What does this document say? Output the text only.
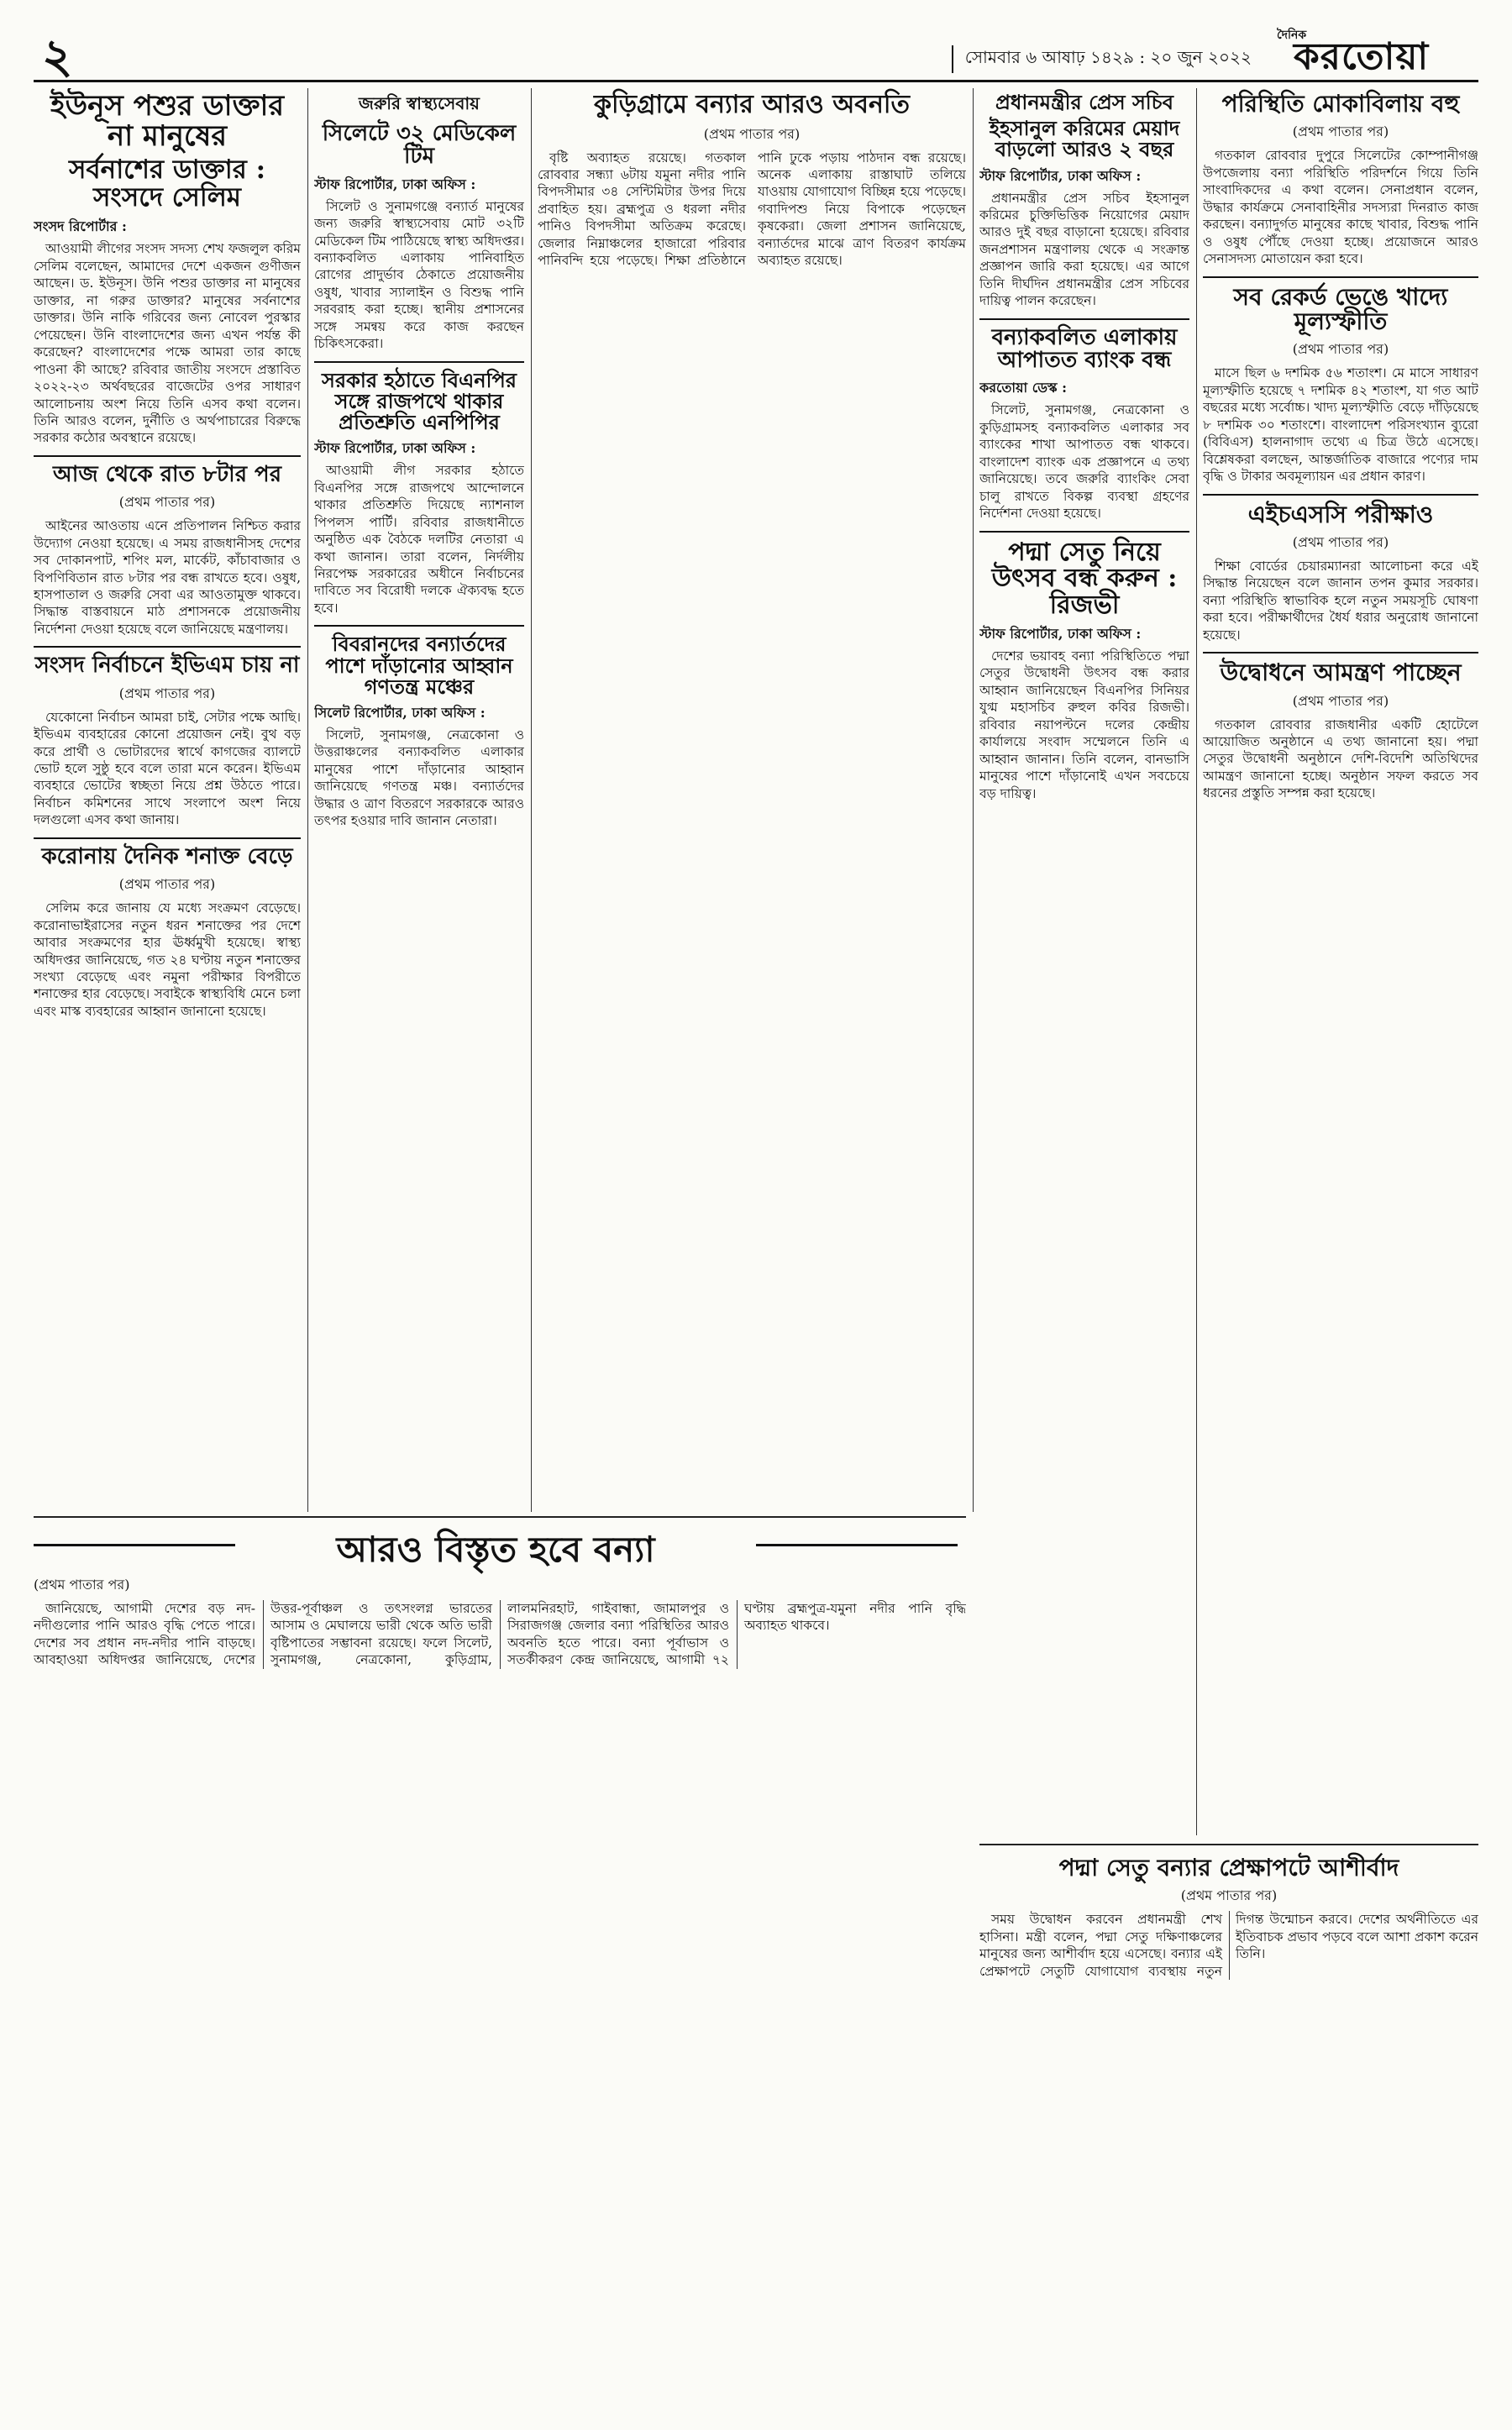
২	সোমবার ৬ আষাঢ় ১৪২৯ : ২০ জুন ২০২২
দৈনিক
করতোয়া
ইউনূস পশুর ডাক্তার না মানুষের
সর্বনাশের ডাক্তার : সংসদে সেলিম
সংসদ রিপোর্টার :

আওয়ামী লীগের সংসদ সদস্য শেখ ফজলুল করিম সেলিম বলেছেন, আমাদের দেশে একজন গুণীজন আছেন। ড. ইউনূস। উনি পশুর ডাক্তার না মানুষের ডাক্তার, না গরুর ডাক্তার? মানুষের সর্বনাশের ডাক্তার। উনি নাকি গরিবের জন্য নোবেল পুরস্কার পেয়েছেন। উনি বাংলাদেশের জন্য এখন পর্যন্ত কী করেছেন? বাংলাদেশের পক্ষে আমরা তার কাছে পাওনা কী আছে? রবিবার জাতীয় সংসদে প্রস্তাবিত ২০২২-২৩ অর্থবছরের বাজেটের ওপর সাধারণ আলোচনায় অংশ নিয়ে তিনি এসব কথা বলেন। তিনি আরও বলেন, দুর্নীতি ও অর্থপাচারের বিরুদ্ধে সরকার কঠোর অবস্থানে রয়েছে।

আজ থেকে রাত ৮টার পর
(প্রথম পাতার পর)

আইনের আওতায় এনে প্রতিপালন নিশ্চিত করার উদ্যোগ নেওয়া হয়েছে। এ সময় রাজধানীসহ দেশের সব দোকানপাট, শপিং মল, মার্কেট, কাঁচাবাজার ও বিপণিবিতান রাত ৮টার পর বন্ধ রাখতে হবে। ওষুধ, হাসপাতাল ও জরুরি সেবা এর আওতামুক্ত থাকবে। সিদ্ধান্ত বাস্তবায়নে মাঠ প্রশাসনকে প্রয়োজনীয় নির্দেশনা দেওয়া হয়েছে বলে জানিয়েছে মন্ত্রণালয়।

সংসদ নির্বাচনে ইভিএম চায় না
(প্রথম পাতার পর)

যেকোনো নির্বাচন আমরা চাই, সেটার পক্ষে আছি। ইভিএম ব্যবহারের কোনো প্রয়োজন নেই। বুথ বড় করে প্রার্থী ও ভোটারদের স্বার্থে কাগজের ব্যালটে ভোট হলে সুষ্ঠু হবে বলে তারা মনে করেন। ইভিএম ব্যবহারে ভোটের স্বচ্ছতা নিয়ে প্রশ্ন উঠতে পারে। নির্বাচন কমিশনের সাথে সংলাপে অংশ নিয়ে দলগুলো এসব কথা জানায়।

করোনায় দৈনিক শনাক্ত বেড়ে
(প্রথম পাতার পর)

সেলিম করে জানায় যে মধ্যে সংক্রমণ বেড়েছে। করোনাভাইরাসের নতুন ধরন শনাক্তের পর দেশে আবার সংক্রমণের হার ঊর্ধ্বমুখী হয়েছে। স্বাস্থ্য অধিদপ্তর জানিয়েছে, গত ২৪ ঘণ্টায় নতুন শনাক্তের সংখ্যা বেড়েছে এবং নমুনা পরীক্ষার বিপরীতে শনাক্তের হার বেড়েছে। সবাইকে স্বাস্থ্যবিধি মেনে চলা এবং মাস্ক ব্যবহারের আহ্বান জানানো হয়েছে।

জরুরি স্বাস্থ্যসেবায়
সিলেটে ৩২ মেডিকেল টিম
স্টাফ রিপোর্টার, ঢাকা অফিস :

সিলেট ও সুনামগঞ্জে বন্যার্ত মানুষের জন্য জরুরি স্বাস্থ্যসেবায় মোট ৩২টি মেডিকেল টিম পাঠিয়েছে স্বাস্থ্য অধিদপ্তর। বন্যাকবলিত এলাকায় পানিবাহিত রোগের প্রাদুর্ভাব ঠেকাতে প্রয়োজনীয় ওষুধ, খাবার স্যালাইন ও বিশুদ্ধ পানি সরবরাহ করা হচ্ছে। স্থানীয় প্রশাসনের সঙ্গে সমন্বয় করে কাজ করছেন চিকিৎসকেরা।

সরকার হঠাতে বিএনপির সঙ্গে রাজপথে থাকার প্রতিশ্রুতি এনপিপির
স্টাফ রিপোর্টার, ঢাকা অফিস :

আওয়ামী লীগ সরকার হঠাতে বিএনপির সঙ্গে রাজপথে আন্দোলনে থাকার প্রতিশ্রুতি দিয়েছে ন্যাশনাল পিপলস পার্টি। রবিবার রাজধানীতে অনুষ্ঠিত এক বৈঠকে দলটির নেতারা এ কথা জানান। তারা বলেন, নির্দলীয় নিরপেক্ষ সরকারের অধীনে নির্বাচনের দাবিতে সব বিরোধী দলকে ঐক্যবদ্ধ হতে হবে।

বিবরানদের বন্যার্তদের পাশে দাঁড়ানোর আহ্বান গণতন্ত্র মঞ্চের
সিলেট রিপোর্টার, ঢাকা অফিস :

সিলেট, সুনামগঞ্জ, নেত্রকোনা ও উত্তরাঞ্চলের বন্যাকবলিত এলাকার মানুষের পাশে দাঁড়ানোর আহ্বান জানিয়েছে গণতন্ত্র মঞ্চ। বন্যার্তদের উদ্ধার ও ত্রাণ বিতরণে সরকারকে আরও তৎপর হওয়ার দাবি জানান নেতারা।

কুড়িগ্রামে বন্যার আরও অবনতি
(প্রথম পাতার পর)

বৃষ্টি অব্যাহত রয়েছে। গতকাল রোববার সন্ধ্যা ৬টায় যমুনা নদীর পানি বিপদসীমার ৩৪ সেন্টিমিটার উপর দিয়ে প্রবাহিত হয়। ব্রহ্মপুত্র ও ধরলা নদীর পানিও বিপদসীমা অতিক্রম করেছে। জেলার নিম্নাঞ্চলের হাজারো পরিবার পানিবন্দি হয়ে পড়েছে। শিক্ষা প্রতিষ্ঠানে পানি ঢুকে পড়ায় পাঠদান বন্ধ রয়েছে। অনেক এলাকায় রাস্তাঘাট তলিয়ে যাওয়ায় যোগাযোগ বিচ্ছিন্ন হয়ে পড়েছে। গবাদিপশু নিয়ে বিপাকে পড়েছেন কৃষকেরা। জেলা প্রশাসন জানিয়েছে, বন্যার্তদের মাঝে ত্রাণ বিতরণ কার্যক্রম অব্যাহত রয়েছে।

প্রধানমন্ত্রীর প্রেস সচিব
ইহসানুল করিমের মেয়াদ বাড়লো আরও ২ বছর
স্টাফ রিপোর্টার, ঢাকা অফিস :

প্রধানমন্ত্রীর প্রেস সচিব ইহসানুল করিমের চুক্তিভিত্তিক নিয়োগের মেয়াদ আরও দুই বছর বাড়ানো হয়েছে। রবিবার জনপ্রশাসন মন্ত্রণালয় থেকে এ সংক্রান্ত প্রজ্ঞাপন জারি করা হয়েছে। এর আগে তিনি দীর্ঘদিন প্রধানমন্ত্রীর প্রেস সচিবের দায়িত্ব পালন করেছেন।

বন্যাকবলিত এলাকায় আপাতত ব্যাংক বন্ধ
করতোয়া ডেস্ক :

সিলেট, সুনামগঞ্জ, নেত্রকোনা ও কুড়িগ্রামসহ বন্যাকবলিত এলাকার সব ব্যাংকের শাখা আপাতত বন্ধ থাকবে। বাংলাদেশ ব্যাংক এক প্রজ্ঞাপনে এ তথ্য জানিয়েছে। তবে জরুরি ব্যাংকিং সেবা চালু রাখতে বিকল্প ব্যবস্থা গ্রহণের নির্দেশনা দেওয়া হয়েছে।

পদ্মা সেতু নিয়ে উৎসব বন্ধ করুন : রিজভী
স্টাফ রিপোর্টার, ঢাকা অফিস :

দেশের ভয়াবহ বন্যা পরিস্থিতিতে পদ্মা সেতুর উদ্বোধনী উৎসব বন্ধ করার আহ্বান জানিয়েছেন বিএনপির সিনিয়র যুগ্ম মহাসচিব রুহুল কবির রিজভী। রবিবার নয়াপল্টনে দলের কেন্দ্রীয় কার্যালয়ে সংবাদ সম্মেলনে তিনি এ আহ্বান জানান। তিনি বলেন, বানভাসি মানুষের পাশে দাঁড়ানোই এখন সবচেয়ে বড় দায়িত্ব।

পরিস্থিতি মোকাবিলায় বহু
(প্রথম পাতার পর)

গতকাল রোববার দুপুরে সিলেটের কোম্পানীগঞ্জ উপজেলায় বন্যা পরিস্থিতি পরিদর্শনে গিয়ে তিনি সাংবাদিকদের এ কথা বলেন। সেনাপ্রধান বলেন, উদ্ধার কার্যক্রমে সেনাবাহিনীর সদস্যরা দিনরাত কাজ করছেন। বন্যাদুর্গত মানুষের কাছে খাবার, বিশুদ্ধ পানি ও ওষুধ পৌঁছে দেওয়া হচ্ছে। প্রয়োজনে আরও সেনাসদস্য মোতায়েন করা হবে।

সব রেকর্ড ভেঙে খাদ্যে মূল্যস্ফীতি
(প্রথম পাতার পর)

মাসে ছিল ৬ দশমিক ৫৬ শতাংশ। মে মাসে সাধারণ মূল্যস্ফীতি হয়েছে ৭ দশমিক ৪২ শতাংশ, যা গত আট বছরের মধ্যে সর্বোচ্চ। খাদ্য মূল্যস্ফীতি বেড়ে দাঁড়িয়েছে ৮ দশমিক ৩০ শতাংশে। বাংলাদেশ পরিসংখ্যান ব্যুরো (বিবিএস) হালনাগাদ তথ্যে এ চিত্র উঠে এসেছে। বিশ্লেষকরা বলছেন, আন্তর্জাতিক বাজারে পণ্যের দাম বৃদ্ধি ও টাকার অবমূল্যায়ন এর প্রধান কারণ।

এইচএসসি পরীক্ষাও
(প্রথম পাতার পর)

শিক্ষা বোর্ডের চেয়ারম্যানরা আলোচনা করে এই সিদ্ধান্ত নিয়েছেন বলে জানান তপন কুমার সরকার। বন্যা পরিস্থিতি স্বাভাবিক হলে নতুন সময়সূচি ঘোষণা করা হবে। পরীক্ষার্থীদের ধৈর্য ধরার অনুরোধ জানানো হয়েছে।

উদ্বোধনে আমন্ত্রণ পাচ্ছেন
(প্রথম পাতার পর)

গতকাল রোববার রাজধানীর একটি হোটেলে আয়োজিত অনুষ্ঠানে এ তথ্য জানানো হয়। পদ্মা সেতুর উদ্বোধনী অনুষ্ঠানে দেশি-বিদেশি অতিথিদের আমন্ত্রণ জানানো হচ্ছে। অনুষ্ঠান সফল করতে সব ধরনের প্রস্তুতি সম্পন্ন করা হয়েছে।

আরও বিস্তৃত হবে বন্যা
(প্রথম পাতার পর)

জানিয়েছে, আগামী দেশের বড় নদ-নদীগুলোর পানি আরও বৃদ্ধি পেতে পারে। দেশের সব প্রধান নদ-নদীর পানি বাড়ছে। আবহাওয়া অধিদপ্তর জানিয়েছে, দেশের উত্তর-পূর্বাঞ্চল ও তৎসংলগ্ন ভারতের আসাম ও মেঘালয়ে ভারী থেকে অতি ভারী বৃষ্টিপাতের সম্ভাবনা রয়েছে। ফলে সিলেট, সুনামগঞ্জ, নেত্রকোনা, কুড়িগ্রাম, লালমনিরহাট, গাইবান্ধা, জামালপুর ও সিরাজগঞ্জ জেলার বন্যা পরিস্থিতির আরও অবনতি হতে পারে। বন্যা পূর্বাভাস ও সতর্কীকরণ কেন্দ্র জানিয়েছে, আগামী ৭২ ঘণ্টায় ব্রহ্মপুত্র-যমুনা নদীর পানি বৃদ্ধি অব্যাহত থাকবে।

পদ্মা সেতু বন্যার প্রেক্ষাপটে আশীর্বাদ
(প্রথম পাতার পর)

সময় উদ্বোধন করবেন প্রধানমন্ত্রী শেখ হাসিনা। মন্ত্রী বলেন, পদ্মা সেতু দক্ষিণাঞ্চলের মানুষের জন্য আশীর্বাদ হয়ে এসেছে। বন্যার এই প্রেক্ষাপটে সেতুটি যোগাযোগ ব্যবস্থায় নতুন দিগন্ত উন্মোচন করবে। দেশের অর্থনীতিতে এর ইতিবাচক প্রভাব পড়বে বলে আশা প্রকাশ করেন তিনি।
